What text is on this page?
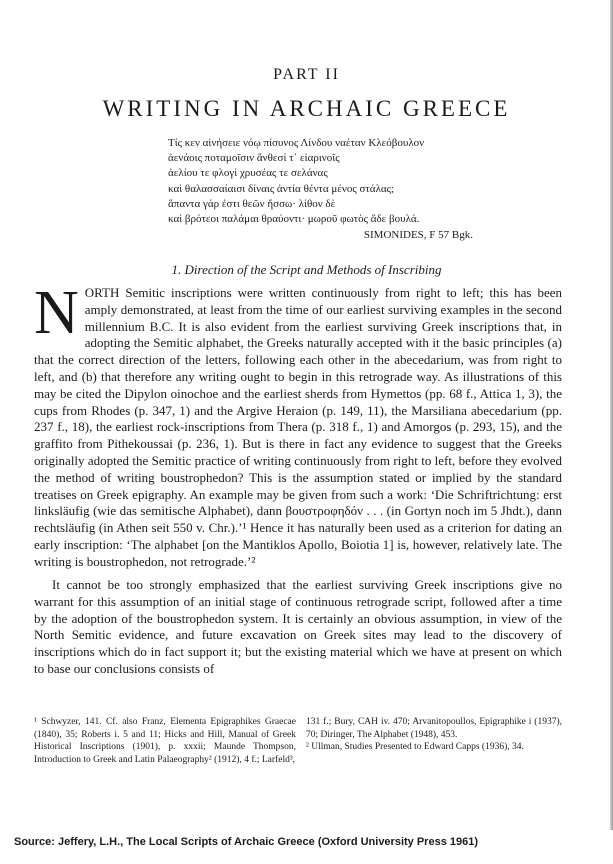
PART II
WRITING IN ARCHAIC GREECE
Τίς κεν αἰνήσειε νόῳ πίσυνος Λίνδου ναέταν Κλεόβουλον
ἀενάοις ποταμοῖσιν ἄνθεσί τ᾽ εἰαρινοῖς
ἀελίου τε φλογὶ χρυσέας τε σελάνας
καὶ θαλασσαίαισι δίναις ἀντία θέντα μένος στάλας;
ἅπαντα γάρ ἐστι θεῶν ἥσσω· λίθον δὲ
καὶ βρότεοι παλάμαι θραύοντι· μωροῦ φωτὸς ἅδε βουλά.
SIMONIDES, F 57 Bgk.
1. Direction of the Script and Methods of Inscribing
NORTH Semitic inscriptions were written continuously from right to left; this has been amply demonstrated, at least from the time of our earliest surviving examples in the second millennium B.C. It is also evident from the earliest surviving Greek inscriptions that, in adopting the Semitic alphabet, the Greeks naturally accepted with it the basic principles (a) that the correct direction of the letters, following each other in the abecedarium, was from right to left, and (b) that therefore any writing ought to begin in this retrograde way. As illustrations of this may be cited the Dipylon oinochoe and the earliest sherds from Hymettos (pp. 68 f., Attica 1, 3), the cups from Rhodes (p. 347, 1) and the Argive Heraion (p. 149, 11), the Marsiliana abecedarium (pp. 237 f., 18), the earliest rock-inscriptions from Thera (p. 318 f., 1) and Amorgos (p. 293, 15), and the graffito from Pithekoussai (p. 236, 1). But is there in fact any evidence to suggest that the Greeks originally adopted the Semitic practice of writing continuously from right to left, before they evolved the method of writing boustrophedon? This is the assumption stated or implied by the standard treatises on Greek epigraphy. An example may be given from such a work: ‘Die Schriftrichtung: erst linksläufig (wie das semitische Alphabet), dann βουστροφηδόν . . . (in Gortyn noch im 5 Jhdt.), dann rechtsläufig (in Athen seit 550 v. Chr.).’¹ Hence it has naturally been used as a criterion for dating an early inscription: ‘The alphabet [on the Mantiklos Apollo, Boiotia 1] is, however, relatively late. The writing is boustrophedon, not retrograde.’²
It cannot be too strongly emphasized that the earliest surviving Greek inscriptions give no warrant for this assumption of an initial stage of continuous retrograde script, followed after a time by the adoption of the boustrophedon system. It is certainly an obvious assumption, in view of the North Semitic evidence, and future excavation on Greek sites may lead to the discovery of inscriptions which do in fact support it; but the existing material which we have at present on which to base our conclusions consists of
¹ Schwyzer, 141. Cf. also Franz, Elementa Epigraphikes Graecae (1840), 35; Roberts i. 5 and 11; Hicks and Hill, Manual of Greek Historical Inscriptions (1901), p. xxxii; Maunde Thompson, Introduction to Greek and Latin Palaeography² (1912), 4 f.; Larfeld³,
131 f.; Bury, CAH iv. 470; Arvanitopoullos, Epigraphike i (1937), 70; Diringer, The Alphabet (1948), 453.
² Ullman, Studies Presented to Edward Capps (1936), 34.
Source: Jeffery, L.H., The Local Scripts of Archaic Greece (Oxford University Press 1961)
